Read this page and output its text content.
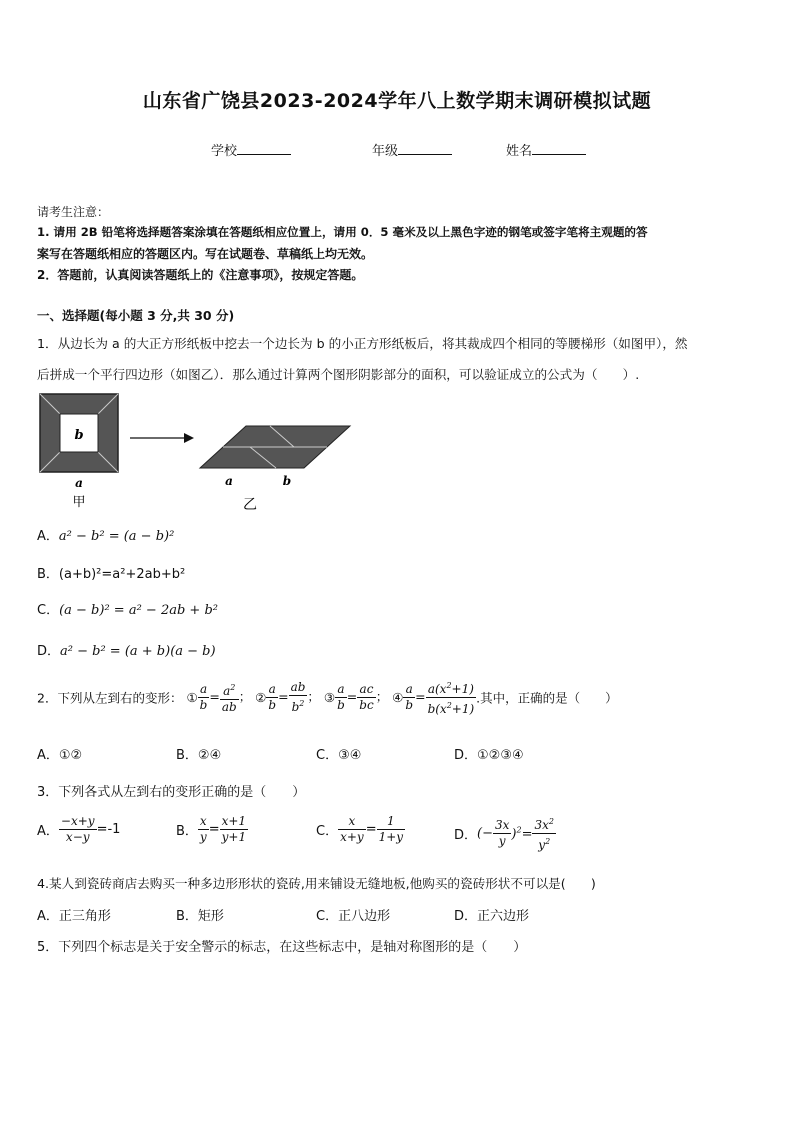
山东省广饶县2023-2024学年八上数学期末调研模拟试题
学校	年级	姓名
请考生注意：
1. 请用 2B 铅笔将选择题答案涂填在答题纸相应位置上，请用 0．5 毫米及以上黑色字迹的钢笔或签字笔将主观题的答
案写在答题纸相应的答题区内。写在试题卷、草稿纸上均无效。
2．答题前，认真阅读答题纸上的《注意事项》，按规定答题。
一、选择题(每小题 3 分,共 30 分)
1．从边长为 a 的大正方形纸板中挖去一个边长为 b 的小正方形纸板后，将其裁成四个相同的等腰梯形（如图甲），然
后拼成一个平行四边形（如图乙）．那么通过计算两个图形阴影部分的面积，可以验证成立的公式为（　　）.
b
a
甲
a	b
乙
A．a² − b² = (a − b)²
B．(a+b)²=a²+2ab+b²
C．(a − b)² = a² − 2ab + b²
D．a² − b² = (a + b)(a − b)
2．下列从左到右的变形： ① $\frac{a}{b} = \frac{a^2}{ab}$ ； ② $\frac{a}{b} = \frac{ab}{b^2}$ ； ③ $\frac{a}{b} = \frac{ac}{bc}$ ； ④ $\frac{a}{b} = \frac{a(x^2+1)}{b(x^2+1)}$ .其中，正确的是（　　）
A．①②	B．②④	C．③④	D．①②③④
3．下列各式从左到右的变形正确的是（　　）
A． $\frac{-x+y}{x-y} =-1$	B． $\frac{x}{y} = \frac{x+1}{y+1}$	C． $\frac{x}{x+y} = \frac{1}{1+y}$	D．(− $\frac{3x}{y} )^2= \frac{3x^2}{y^2}$
4.某人到瓷砖商店去购买一种多边形形状的瓷砖,用来铺设无缝地板,他购买的瓷砖形状不可以是(　　)
A．正三角形	B．矩形	C．正八边形	D．正六边形
5．下列四个标志是关于安全警示的标志，在这些标志中，是轴对称图形的是（　　）
